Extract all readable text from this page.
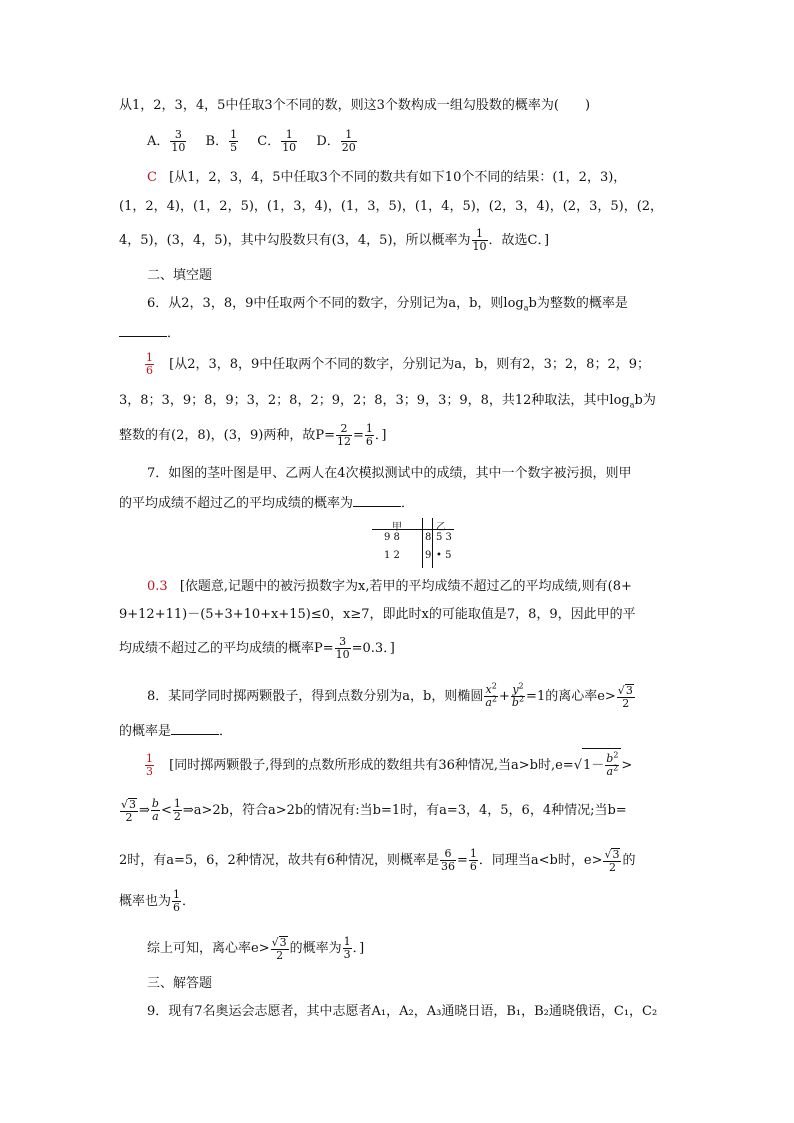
从1，2，3，4，5中任取3个不同的数，则这3个数构成一组勾股数的概率为(　　)
A． $\frac{3}{10}$ B． $\frac{1}{5}$ C． $\frac{1}{10}$ D． $\frac{1}{20}$
C [从1，2，3，4，5中任取3个不同的数共有如下10个不同的结果：(1，2，3)，
(1，2，4)，(1，2，5)，(1，3，4)，(1，3，5)，(1，4，5)，(2，3，4)，(2，3，5)，(2，
4，5)，(3，4，5)，其中勾股数只有(3，4，5)，所以概率为 $\frac{1}{10}$ ．故选C．]
二、填空题
6．从2，3，8，9中任取两个不同的数字，分别记为a，b，则$\log_ab$为整数的概率是
．
$\frac{1}{6}$ [从2，3，8，9中任取两个不同的数字，分别记为a，b，则有2，3；2，8；2，9；
3，8；3，9；8，9；3，2；8，2；9，2；8，3；9，3；9，8，共12种取法，其中$\log_ab$为
整数的有(2，8)，(3，9)两种，故$P= \frac{2}{12} = \frac{1}{6}$ ．]
7．如图的茎叶图是甲、乙两人在4次模拟测试中的成绩，其中一个数字被污损，则甲
的平均成绩不超过乙的平均成绩的概率为	．
甲	乙
9 8	8 5 3
1 2	9 • 5
0.3 [依题意,记题中的被污损数字为x,若甲的平均成绩不超过乙的平均成绩,则有(8+
9+12+11)－(5+3+10+x+15)≤0，x≥7，即此时x的可能取值是7，8，9，因此甲的平
均成绩不超过乙的平均成绩的概率$P= \frac{3}{10} =0.3$．]
8．某同学同时掷两颗骰子，得到点数分别为a，b，则椭圆 $\frac{x^2}{a^2} + \frac{y^2}{b^2} =1$的离心率$e> \frac{√3}{2}$
的概率是	．
$\frac{1}{3}$ [同时掷两颗骰子,得到的点数所形成的数组共有36种情况,当a>b时$,e=√1- \frac{b^2}{a^2}$ >
$\frac{√3}{2}$ ⇒ $\frac{b}{a} < \frac{1}{2}$ ⇒a>2b，符合a>2b的情况有:当b=1时，有a=3，4，5，6，4种情况;当b=
2时，有a=5，6，2种情况，故共有6种情况，则概率是 $\frac{6}{36} = \frac{1}{6}$ ．同理当a<b时，$e> \frac{√3}{2}$ 的
概率也为 $\frac{1}{6}$ ．
综上可知，离心率$e> \frac{√3}{2}$ 的概率为 $\frac{1}{3}$ ．]
三、解答题
9．现有7名奥运会志愿者，其中志愿者A₁，A₂，A₃通晓日语，B₁，B₂通晓俄语，C₁，C₂
